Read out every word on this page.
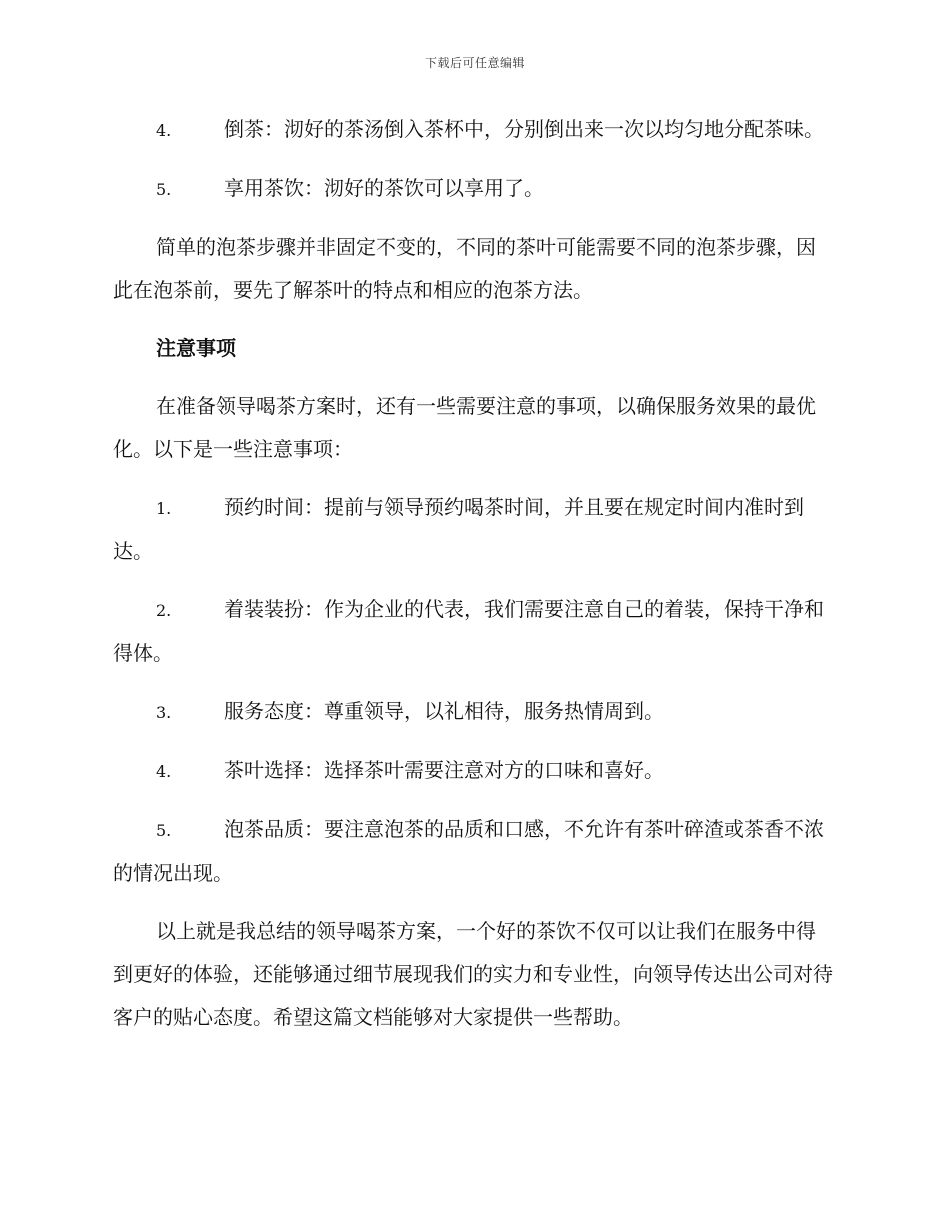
下载后可任意编辑

4.	倒茶：沏好的茶汤倒入茶杯中，分别倒出来一次以均匀地分配茶味。

5.	享用茶饮：沏好的茶饮可以享用了。

简单的泡茶步骤并非固定不变的，不同的茶叶可能需要不同的泡茶步骤，因此在泡茶前，要先了解茶叶的特点和相应的泡茶方法。

注意事项

在准备领导喝茶方案时，还有一些需要注意的事项，以确保服务效果的最优化。以下是一些注意事项：

1.	预约时间：提前与领导预约喝茶时间，并且要在规定时间内准时到达。

2.	着装装扮：作为企业的代表，我们需要注意自己的着装，保持干净和得体。

3.	服务态度：尊重领导，以礼相待，服务热情周到。

4.	茶叶选择：选择茶叶需要注意对方的口味和喜好。

5.	泡茶品质：要注意泡茶的品质和口感，不允许有茶叶碎渣或茶香不浓的情况出现。

以上就是我总结的领导喝茶方案，一个好的茶饮不仅可以让我们在服务中得到更好的体验，还能够通过细节展现我们的实力和专业性，向领导传达出公司对待客户的贴心态度。希望这篇文档能够对大家提供一些帮助。
